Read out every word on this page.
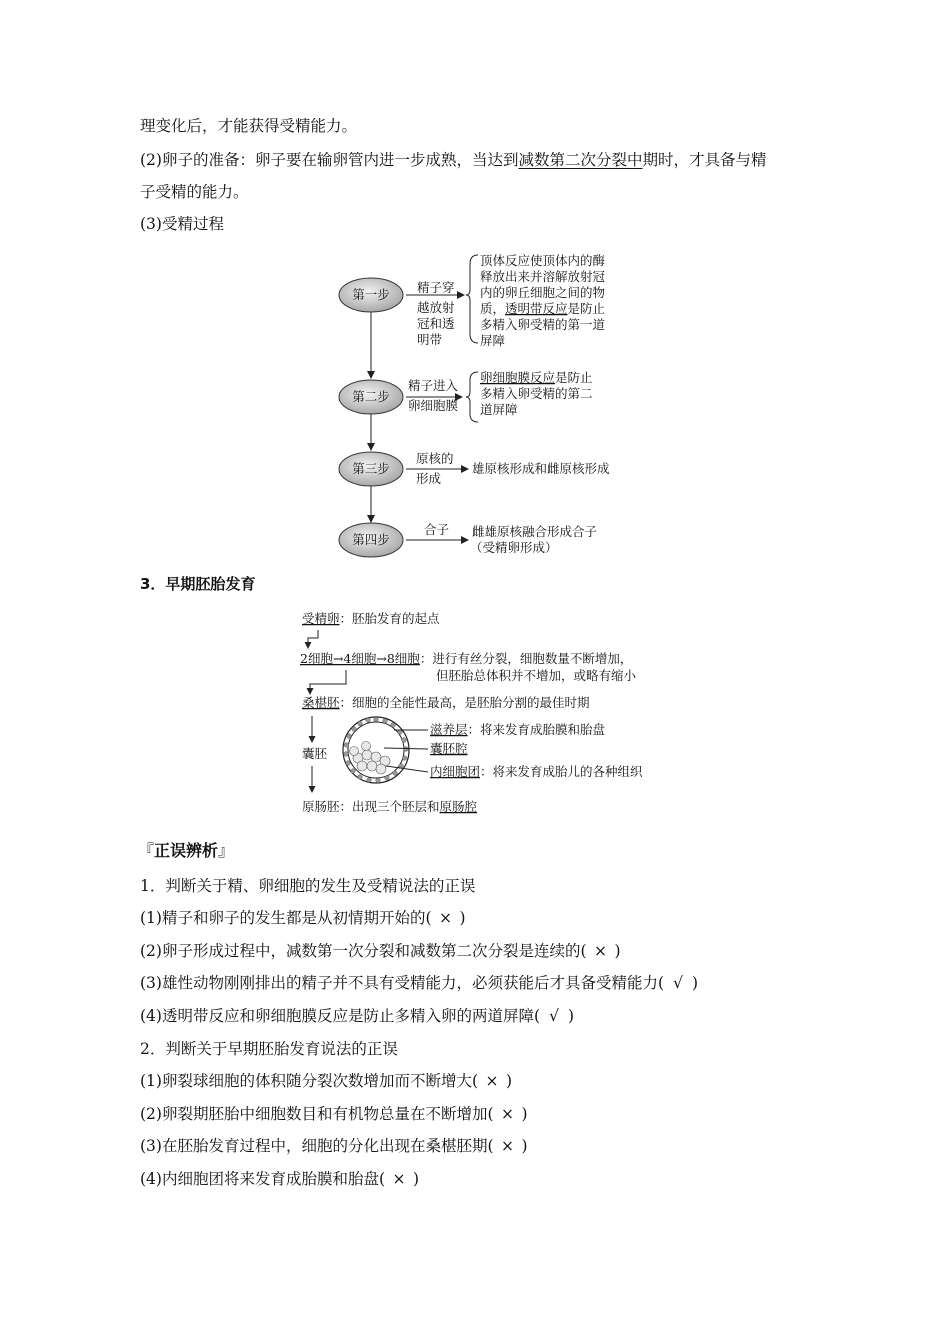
理变化后，才能获得受精能力。
(2)卵子的准备：卵子要在输卵管内进一步成熟，当达到减数第二次分裂中期时，才具备与精
子受精的能力。
(3)受精过程
第一步
第二步
第三步
第四步
精子穿
越放射
冠和透
明带
顶体反应使顶体内的酶
释放出来并溶解放射冠
内的卵丘细胞之间的物
质，透明带反应是防止
多精入卵受精的第一道
屏障
精子进入
卵细胞膜
卵细胞膜反应是防止
多精入卵受精的第二
道屏障
原核的
形成
雄原核形成和雌原核形成
合子 雌雄原核融合形成合子
（受精卵形成）
3．早期胚胎发育
受精卵：胚胎发育的起点
2细胞→4细胞→8细胞：进行有丝分裂，细胞数量不断增加，
但胚胎总体积并不增加，或略有缩小
桑椹胚：细胞的全能性最高，是胚胎分割的最佳时期
囊胚
原肠胚：出现三个胚层和原肠腔
滋养层：将来发育成胎膜和胎盘
囊胚腔
内细胞团：将来发育成胎儿的各种组织
『正误辨析』
1．判断关于精、卵细胞的发生及受精说法的正误
(1)精子和卵子的发生都是从初情期开始的( × )
(2)卵子形成过程中，减数第一次分裂和减数第二次分裂是连续的( × )
(3)雄性动物刚刚排出的精子并不具有受精能力，必须获能后才具备受精能力( √ )
(4)透明带反应和卵细胞膜反应是防止多精入卵的两道屏障( √ )
2．判断关于早期胚胎发育说法的正误
(1)卵裂球细胞的体积随分裂次数增加而不断增大( × )
(2)卵裂期胚胎中细胞数目和有机物总量在不断增加( × )
(3)在胚胎发育过程中，细胞的分化出现在桑椹胚期( × )
(4)内细胞团将来发育成胎膜和胎盘( × )
